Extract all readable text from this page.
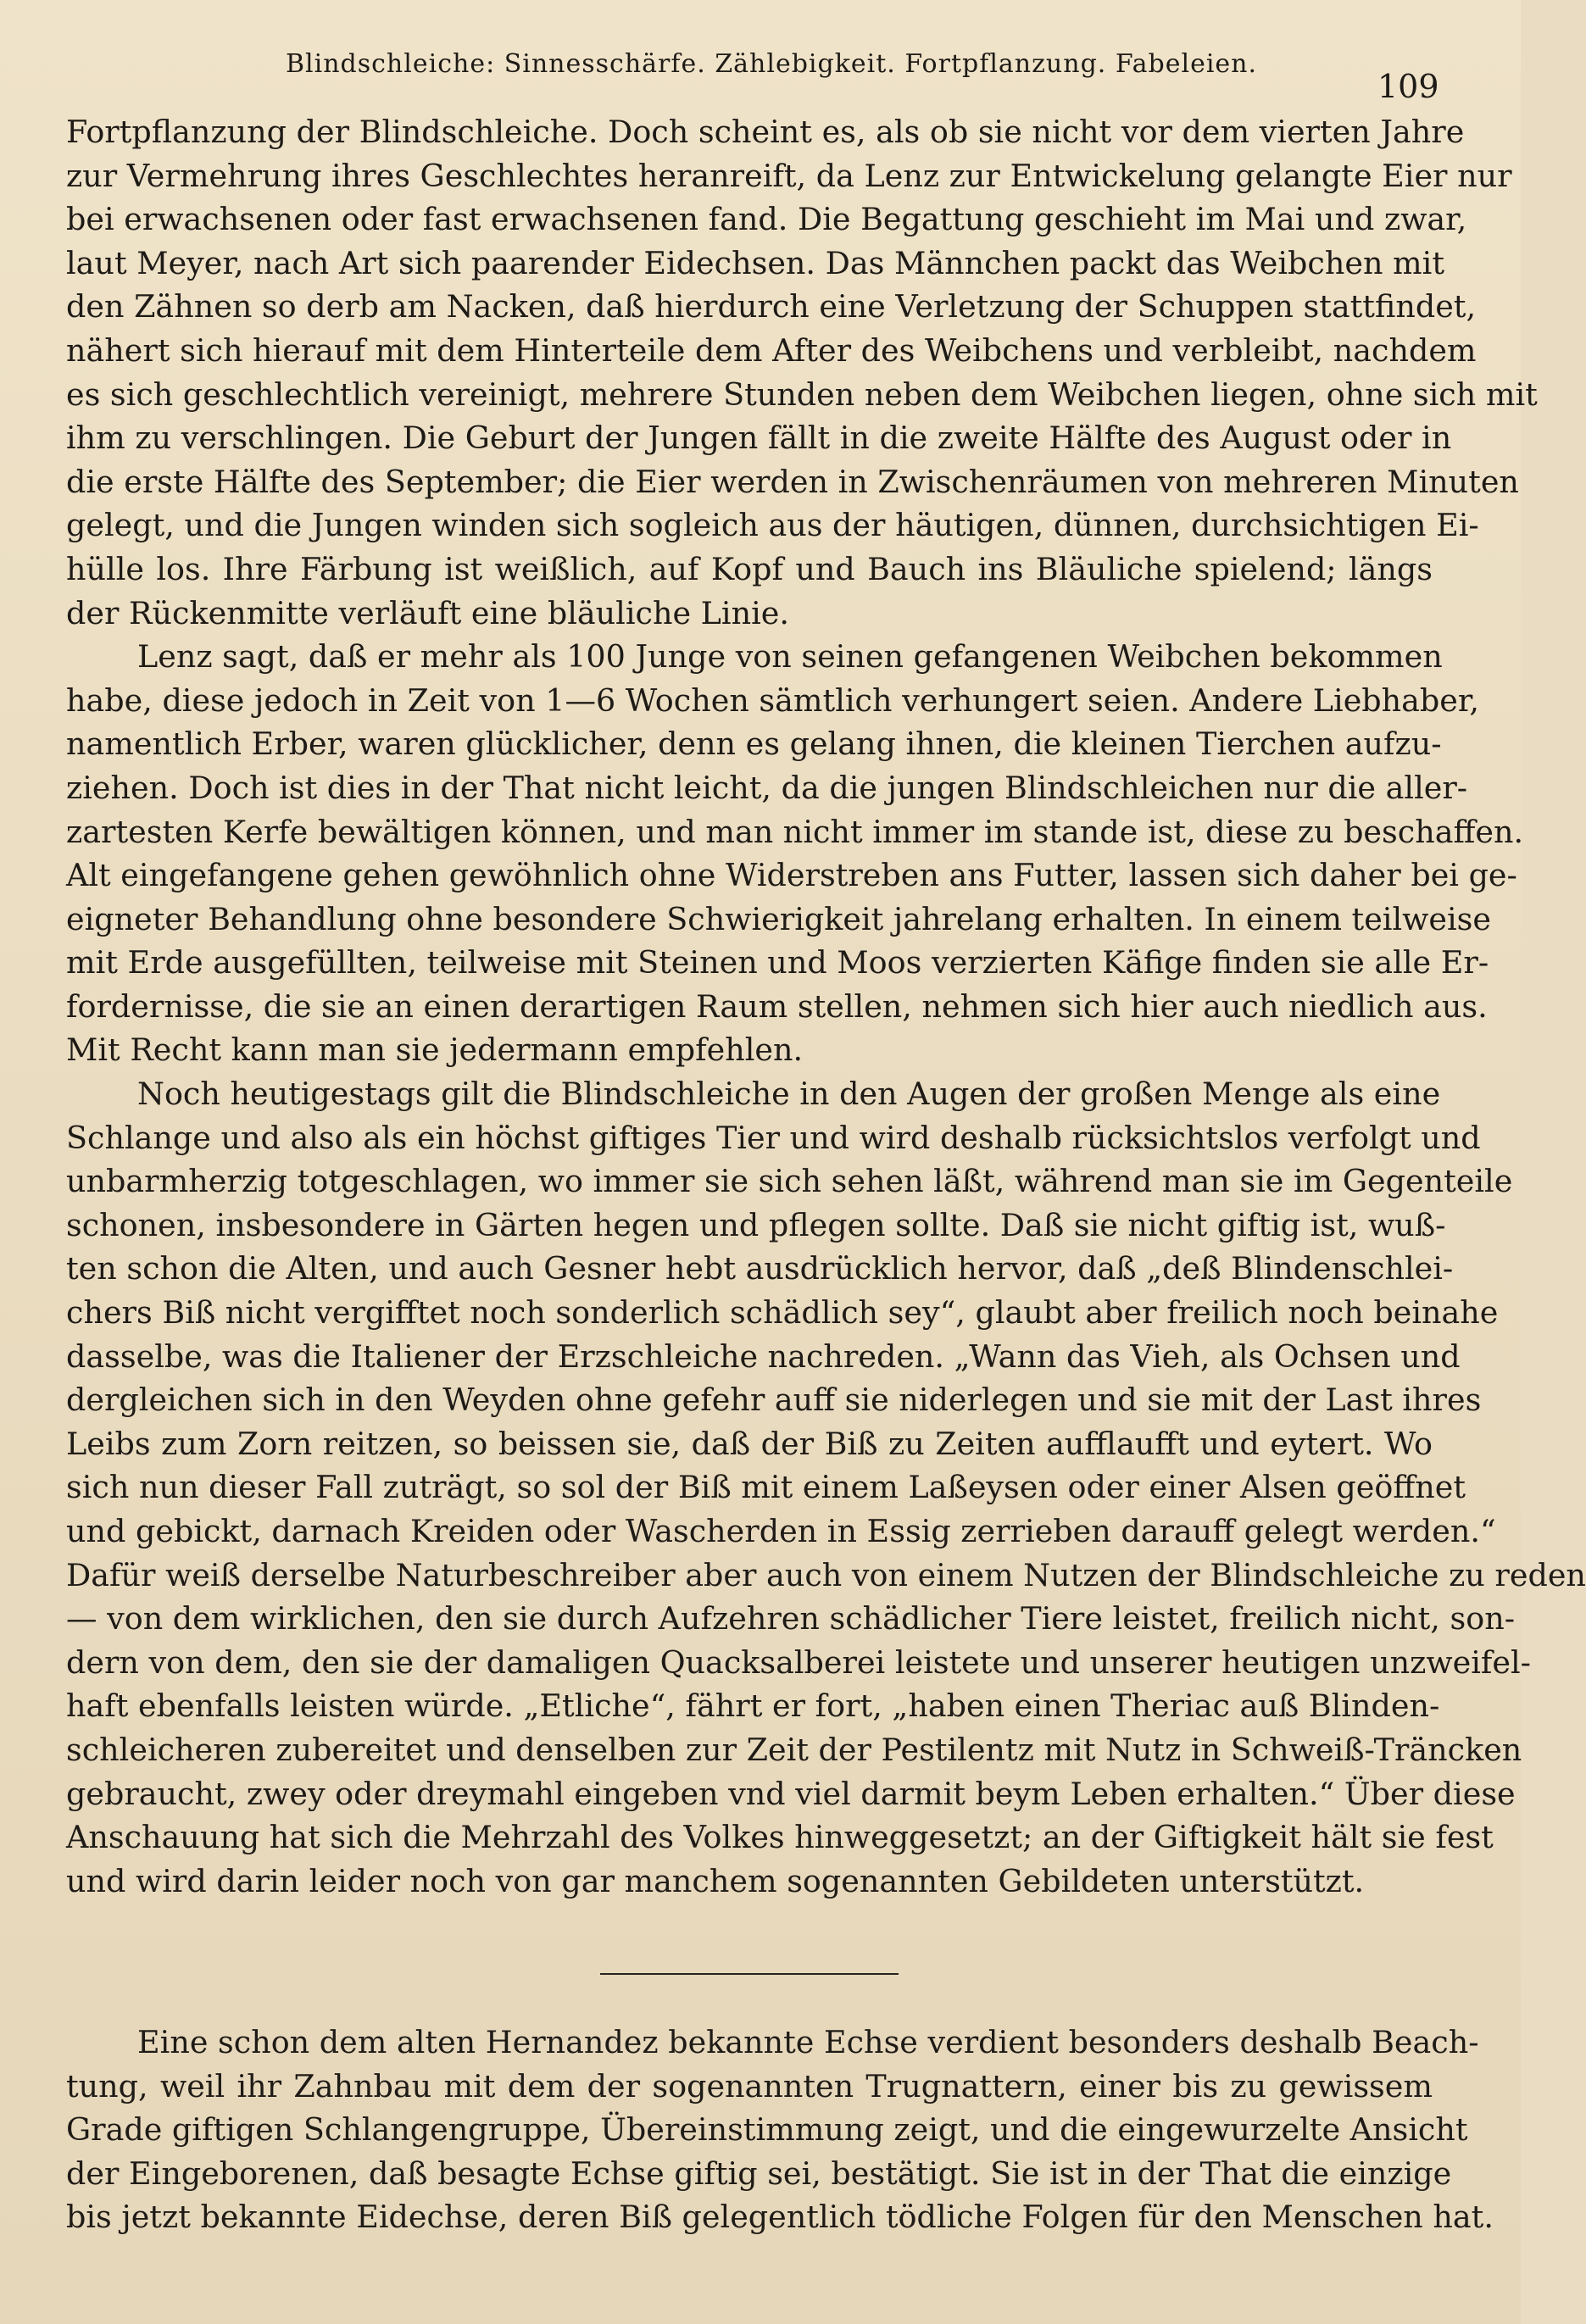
Blindschleiche: Sinnesschärfe. Zählebigkeit. Fortpflanzung. Fabeleien.
109
Fortpflanzung der Blindschleiche. Doch scheint es, als ob sie nicht vor dem vierten Jahre
zur Vermehrung ihres Geschlechtes heranreift, da Lenz zur Entwickelung gelangte Eier nur
bei erwachsenen oder fast erwachsenen fand. Die Begattung geschieht im Mai und zwar,
laut Meyer, nach Art sich paarender Eidechsen. Das Männchen packt das Weibchen mit
den Zähnen so derb am Nacken, daß hierdurch eine Verletzung der Schuppen stattfindet,
nähert sich hierauf mit dem Hinterteile dem After des Weibchens und verbleibt, nachdem
es sich geschlechtlich vereinigt, mehrere Stunden neben dem Weibchen liegen, ohne sich mit
ihm zu verschlingen. Die Geburt der Jungen fällt in die zweite Hälfte des August oder in
die erste Hälfte des September; die Eier werden in Zwischenräumen von mehreren Minuten
gelegt, und die Jungen winden sich sogleich aus der häutigen, dünnen, durchsichtigen Ei-
hülle los. Ihre Färbung ist weißlich, auf Kopf und Bauch ins Bläuliche spielend; längs
der Rückenmitte verläuft eine bläuliche Linie.
Lenz sagt, daß er mehr als 100 Junge von seinen gefangenen Weibchen bekommen
habe, diese jedoch in Zeit von 1—6 Wochen sämtlich verhungert seien. Andere Liebhaber,
namentlich Erber, waren glücklicher, denn es gelang ihnen, die kleinen Tierchen aufzu-
ziehen. Doch ist dies in der That nicht leicht, da die jungen Blindschleichen nur die aller-
zartesten Kerfe bewältigen können, und man nicht immer im stande ist, diese zu beschaffen.
Alt eingefangene gehen gewöhnlich ohne Widerstreben ans Futter, lassen sich daher bei ge-
eigneter Behandlung ohne besondere Schwierigkeit jahrelang erhalten. In einem teilweise
mit Erde ausgefüllten, teilweise mit Steinen und Moos verzierten Käfige finden sie alle Er-
fordernisse, die sie an einen derartigen Raum stellen, nehmen sich hier auch niedlich aus.
Mit Recht kann man sie jedermann empfehlen.
Noch heutigestags gilt die Blindschleiche in den Augen der großen Menge als eine
Schlange und also als ein höchst giftiges Tier und wird deshalb rücksichtslos verfolgt und
unbarmherzig totgeschlagen, wo immer sie sich sehen läßt, während man sie im Gegenteile
schonen, insbesondere in Gärten hegen und pflegen sollte. Daß sie nicht giftig ist, wuß-
ten schon die Alten, und auch Gesner hebt ausdrücklich hervor, daß „deß Blindenschlei-
chers Biß nicht vergifftet noch sonderlich schädlich sey“, glaubt aber freilich noch beinahe
dasselbe, was die Italiener der Erzschleiche nachreden. „Wann das Vieh, als Ochsen und
dergleichen sich in den Weyden ohne gefehr auff sie niderlegen und sie mit der Last ihres
Leibs zum Zorn reitzen, so beissen sie, daß der Biß zu Zeiten aufflaufft und eytert. Wo
sich nun dieser Fall zuträgt, so sol der Biß mit einem Laßeysen oder einer Alsen geöffnet
und gebickt, darnach Kreiden oder Wascherden in Essig zerrieben darauff gelegt werden.“
Dafür weiß derselbe Naturbeschreiber aber auch von einem Nutzen der Blindschleiche zu reden
— von dem wirklichen, den sie durch Aufzehren schädlicher Tiere leistet, freilich nicht, son-
dern von dem, den sie der damaligen Quacksalberei leistete und unserer heutigen unzweifel-
haft ebenfalls leisten würde. „Etliche“, fährt er fort, „haben einen Theriac auß Blinden-
schleicheren zubereitet und denselben zur Zeit der Pestilentz mit Nutz in Schweiß-Träncken
gebraucht, zwey oder dreymahl eingeben vnd viel darmit beym Leben erhalten.“ Über diese
Anschauung hat sich die Mehrzahl des Volkes hinweggesetzt; an der Giftigkeit hält sie fest
und wird darin leider noch von gar manchem sogenannten Gebildeten unterstützt.
Eine schon dem alten Hernandez bekannte Echse verdient besonders deshalb Beach-
tung, weil ihr Zahnbau mit dem der sogenannten Trugnattern, einer bis zu gewissem
Grade giftigen Schlangengruppe, Übereinstimmung zeigt, und die eingewurzelte Ansicht
der Eingeborenen, daß besagte Echse giftig sei, bestätigt. Sie ist in der That die einzige
bis jetzt bekannte Eidechse, deren Biß gelegentlich tödliche Folgen für den Menschen hat.
